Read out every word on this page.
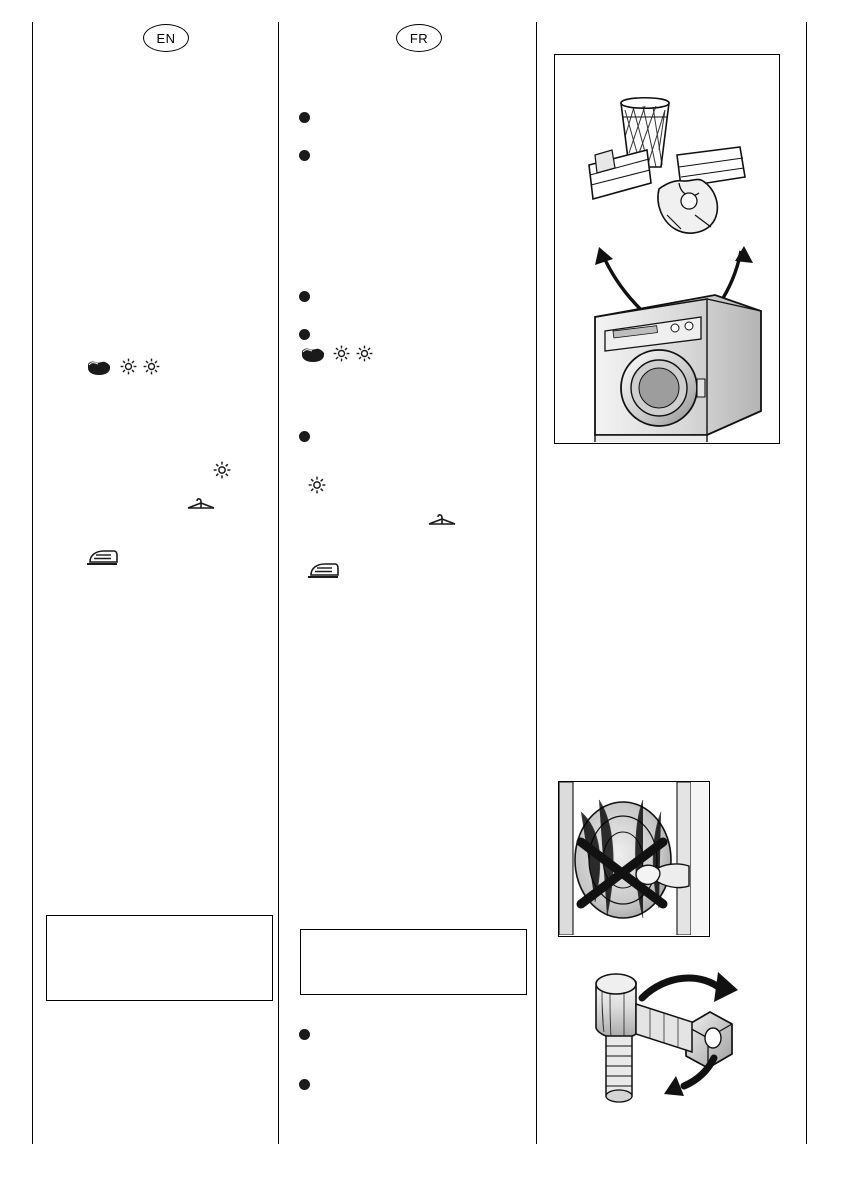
EN	FR
